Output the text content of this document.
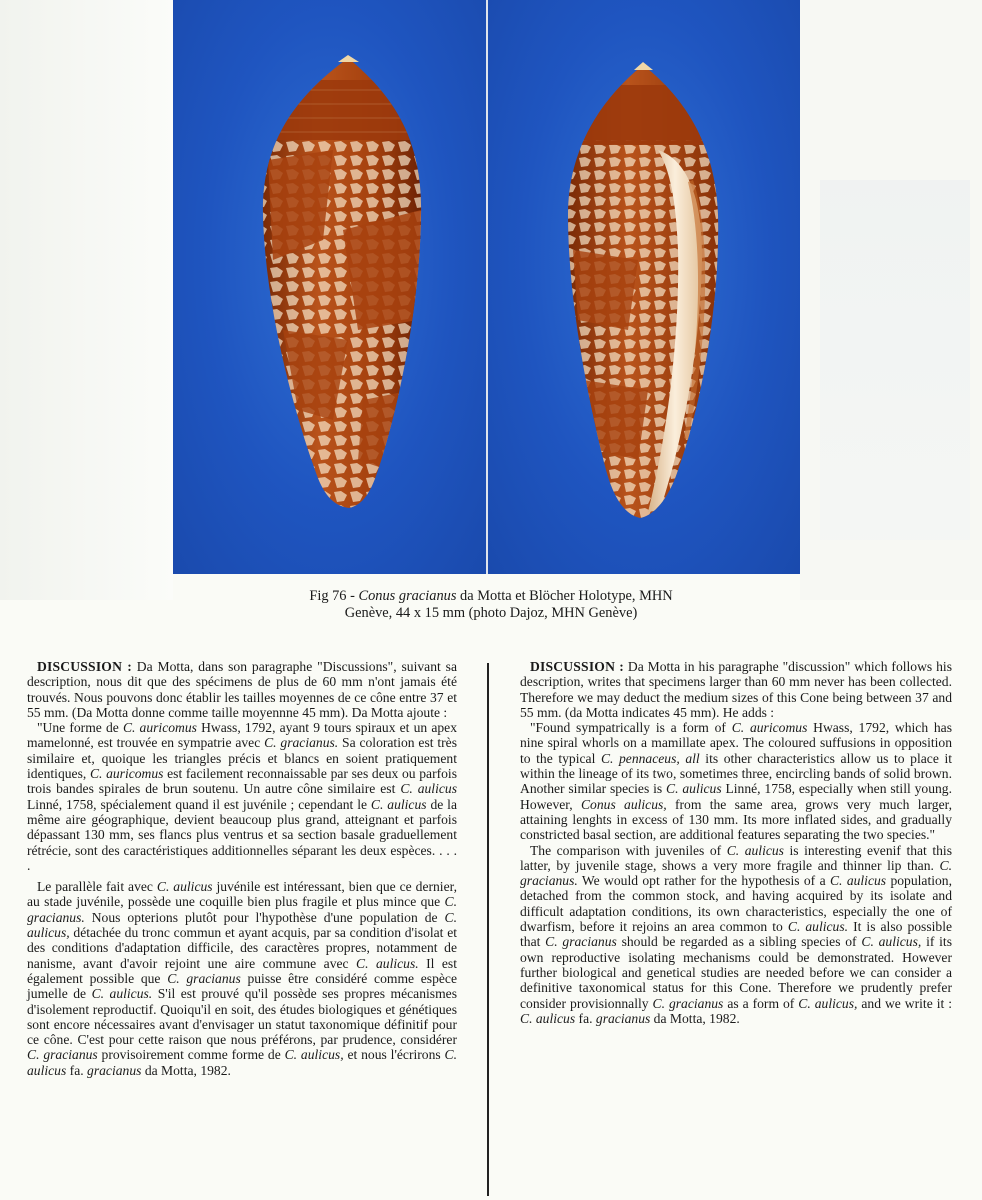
Fig 76 - Conus gracianus da Motta et Blöcher Holotype, MHN
Genève, 44 x 15 mm (photo Dajoz, MHN Genève)

DISCUSSION : Da Motta, dans son paragraphe "Discussions", suivant sa description, nous dit que des spécimens de plus de 60 mm n'ont jamais été trouvés. Nous pouvons donc établir les tailles moyennes de ce cône entre 37 et 55 mm. (Da Motta donne comme taille moyennne 45 mm). Da Motta ajoute :

"Une forme de C. auricomus Hwass, 1792, ayant 9 tours spiraux et un apex mamelonné, est trouvée en sympatrie avec C. gracianus. Sa coloration est très similaire et, quoique les triangles précis et blancs en soient pratiquement identiques, C. auricomus est facilement reconnaissable par ses deux ou parfois trois bandes spirales de brun soutenu. Un autre cône similaire est C. aulicus Linné, 1758, spécialement quand il est juvénile ; cependant le C. aulicus de la même aire géographique, devient beaucoup plus grand, atteignant et parfois dépassant 130 mm, ses flancs plus ventrus et sa section basale graduellement rétrécie, sont des caractéristiques additionnelles séparant les deux espèces. . . . .

Le parallèle fait avec C. aulicus juvénile est intéressant, bien que ce dernier, au stade juvénile, possède une coquille bien plus fragile et plus mince que C. gracianus. Nous opterions plutôt pour l'hypothèse d'une population de C. aulicus, détachée du tronc commun et ayant acquis, par sa condition d'isolat et des conditions d'adaptation difficile, des caractères propres, notamment de nanisme, avant d'avoir rejoint une aire commune avec C. aulicus. Il est également possible que C. gracianus puisse être considéré comme espèce jumelle de C. aulicus. S'il est prouvé qu'il possède ses propres mécanismes d'isolement reproductif. Quoiqu'il en soit, des études biologiques et génétiques sont encore nécessaires avant d'envisager un statut taxonomique définitif pour ce cône. C'est pour cette raison que nous préférons, par prudence, considérer C. gracianus provisoirement comme forme de C. aulicus, et nous l'écrirons C. aulicus fa. gracianus da Motta, 1982.

DISCUSSION : Da Motta in his paragraphe "discussion" which follows his description, writes that specimens larger than 60 mm never has been collected. Therefore we may deduct the medium sizes of this Cone being between 37 and 55 mm. (da Motta indicates 45 mm). He adds :

"Found sympatrically is a form of C. auricomus Hwass, 1792, which has nine spiral whorls on a mamillate apex. The coloured suffusions in opposition to the typical C. pennaceus, all its other characteristics allow us to place it within the lineage of its two, sometimes three, encircling bands of solid brown. Another similar species is C. aulicus Linné, 1758, especially when still young. However, Conus aulicus, from the same area, grows very much larger, attaining lenghts in excess of 130 mm. Its more inflated sides, and gradually constricted basal section, are additional features separating the two species."

The comparison with juveniles of C. aulicus is interesting evenif that this latter, by juvenile stage, shows a very more fragile and thinner lip than. C. gracianus. We would opt rather for the hypothesis of a C. aulicus population, detached from the common stock, and having acquired by its isolate and difficult adaptation conditions, its own characteristics, especially the one of dwarfism, before it rejoins an area common to C. aulicus. It is also possible that C. gracianus should be regarded as a sibling species of C. aulicus, if its own reproductive isolating mechanisms could be demonstrated. However further biological and genetical studies are needed before we can consider a definitive taxonomical status for this Cone. Therefore we prudently prefer consider provisionnally C. gracianus as a form of C. aulicus, and we write it : C. aulicus fa. gracianus da Motta, 1982.
